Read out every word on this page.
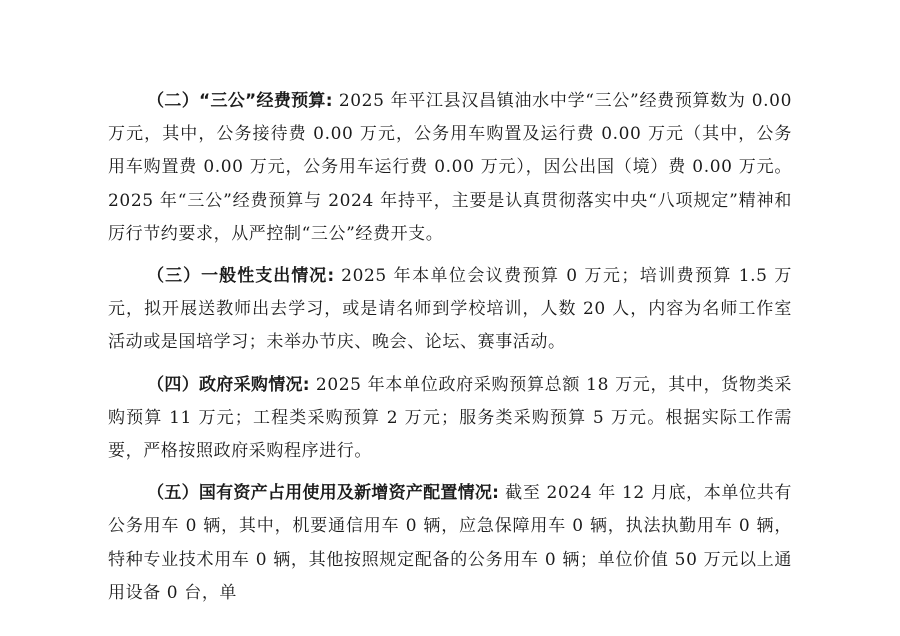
（二）“三公”经费预算: 2025 年平江县汉昌镇油水中学“三公”经费预算数为 0.00 万元，其中，公务接待费 0.00 万元，公务用车购置及运行费 0.00 万元（其中，公务用车购置费 0.00 万元，公务用车运行费 0.00 万元），因公出国（境）费 0.00 万元。2025 年“三公”经费预算与 2024 年持平，主要是认真贯彻落实中央“八项规定”精神和厉行节约要求，从严控制“三公”经费开支。

（三）一般性支出情况: 2025 年本单位会议费预算 0 万元；培训费预算 1.5 万元，拟开展送教师出去学习，或是请名师到学校培训，人数 20 人，内容为名师工作室活动或是国培学习；未举办节庆、晚会、论坛、赛事活动。

（四）政府采购情况: 2025 年本单位政府采购预算总额 18 万元，其中，货物类采购预算 11 万元；工程类采购预算 2 万元；服务类采购预算 5 万元。根据实际工作需要，严格按照政府采购程序进行。

（五）国有资产占用使用及新增资产配置情况: 截至 2024 年 12 月底，本单位共有公务用车 0 辆，其中，机要通信用车 0 辆，应急保障用车 0 辆，执法执勤用车 0 辆，特种专业技术用车 0 辆，其他按照规定配备的公务用车 0 辆；单位价值 50 万元以上通用设备 0 台，单
